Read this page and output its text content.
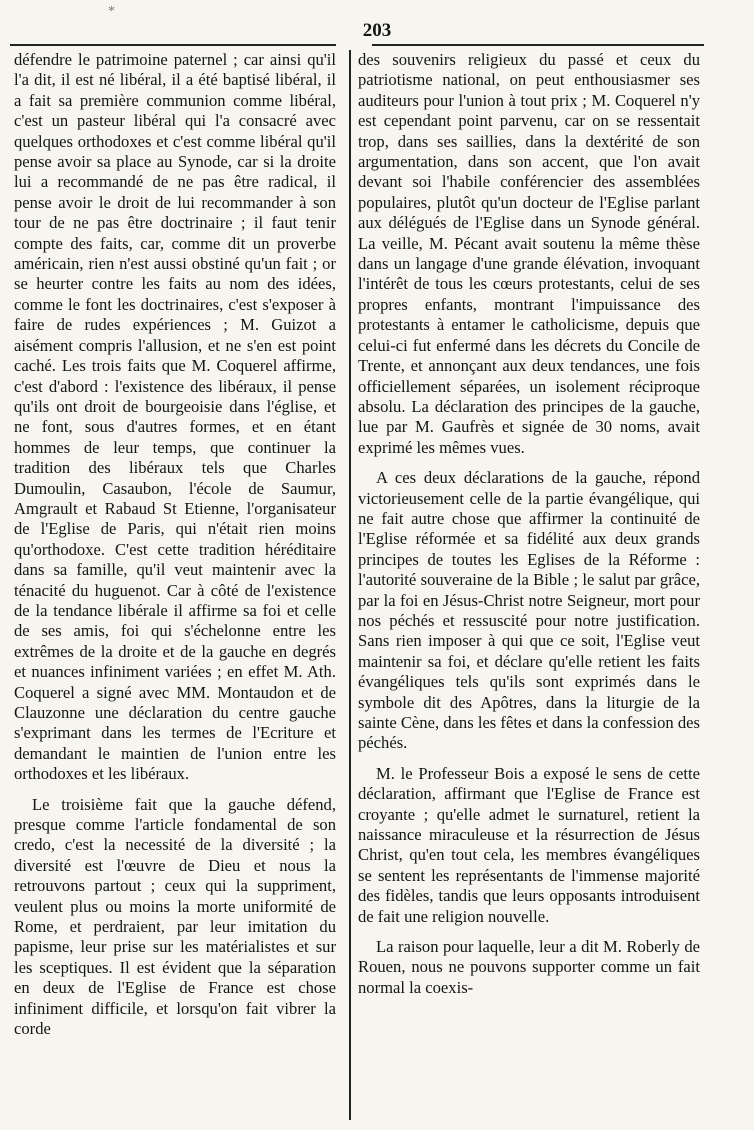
*
203

défendre le patrimoine paternel ; car ainsi qu'il l'a dit, il est né libéral, il a été baptisé libéral, il a fait sa première communion comme libéral, c'est un pasteur libéral qui l'a consacré avec quelques orthodoxes et c'est comme libéral qu'il pense avoir sa place au Synode, car si la droite lui a recommandé de ne pas être radical, il pense avoir le droit de lui recommander à son tour de ne pas être doctrinaire ; il faut tenir compte des faits, car, comme dit un proverbe américain, rien n'est aussi obstiné qu'un fait ; or se heurter contre les faits au nom des idées, comme le font les doctrinaires, c'est s'exposer à faire de rudes expériences ; M. Guizot a aisément compris l'allusion, et ne s'en est point caché. Les trois faits que M. Coquerel affirme, c'est d'abord : l'existence des libéraux, il pense qu'ils ont droit de bourgeoisie dans l'église, et ne font, sous d'autres formes, et en étant hommes de leur temps, que continuer la tradition des libéraux tels que Charles Dumoulin, Casaubon, l'école de Saumur, Amgrault et Rabaud St Etienne, l'organisateur de l'Eglise de Paris, qui n'était rien moins qu'orthodoxe. C'est cette tradition héréditaire dans sa famille, qu'il veut maintenir avec la ténacité du huguenot. Car à côté de l'existence de la tendance libérale il affirme sa foi et celle de ses amis, foi qui s'échelonne entre les extrêmes de la droite et de la gauche en degrés et nuances infiniment variées ; en effet M. Ath. Coquerel a signé avec MM. Montaudon et de Clauzonne une déclaration du centre gauche s'exprimant dans les termes de l'Ecriture et demandant le maintien de l'union entre les orthodoxes et les libéraux.

Le troisième fait que la gauche défend, presque comme l'article fondamental de son credo, c'est la necessité de la diversité ; la diversité est l'œuvre de Dieu et nous la retrouvons partout ; ceux qui la suppriment, veulent plus ou moins la morte uniformité de Rome, et perdraient, par leur imitation du papisme, leur prise sur les matérialistes et sur les sceptiques. Il est évident que la séparation en deux de l'Eglise de France est chose infiniment difficile, et lorsqu'on fait vibrer la corde

des souvenirs religieux du passé et ceux du patriotisme national, on peut enthousiasmer ses auditeurs pour l'union à tout prix ; M. Coquerel n'y est cependant point parvenu, car on se ressentait trop, dans ses saillies, dans la dextérité de son argumentation, dans son accent, que l'on avait devant soi l'habile conférencier des assemblées populaires, plutôt qu'un docteur de l'Eglise parlant aux délégués de l'Eglise dans un Synode général. La veille, M. Pécant avait soutenu la même thèse dans un langage d'une grande élévation, invoquant l'intérêt de tous les cœurs protestants, celui de ses propres enfants, montrant l'impuissance des protestants à entamer le catholicisme, depuis que celui-ci fut enfermé dans les décrets du Concile de Trente, et annonçant aux deux tendances, une fois officiellement séparées, un isolement réciproque absolu. La déclaration des principes de la gauche, lue par M. Gaufrès et signée de 30 noms, avait exprimé les mêmes vues.

A ces deux déclarations de la gauche, répond victorieusement celle de la partie évangélique, qui ne fait autre chose que affirmer la continuité de l'Eglise réformée et sa fidélité aux deux grands principes de toutes les Eglises de la Réforme : l'autorité souveraine de la Bible ; le salut par grâce, par la foi en Jésus-Christ notre Seigneur, mort pour nos péchés et ressuscité pour notre justification. Sans rien imposer à qui que ce soit, l'Eglise veut maintenir sa foi, et déclare qu'elle retient les faits évangéliques tels qu'ils sont exprimés dans le symbole dit des Apôtres, dans la liturgie de la sainte Cène, dans les fêtes et dans la confession des péchés.

M. le Professeur Bois a exposé le sens de cette déclaration, affirmant que l'Eglise de France est croyante ; qu'elle admet le surnaturel, retient la naissance miraculeuse et la résurrection de Jésus Christ, qu'en tout cela, les membres évangéliques se sentent les représentants de l'immense majorité des fidèles, tandis que leurs opposants introduisent de fait une religion nouvelle.

La raison pour laquelle, leur a dit M. Roberly de Rouen, nous ne pouvons supporter comme un fait normal la coexis-
